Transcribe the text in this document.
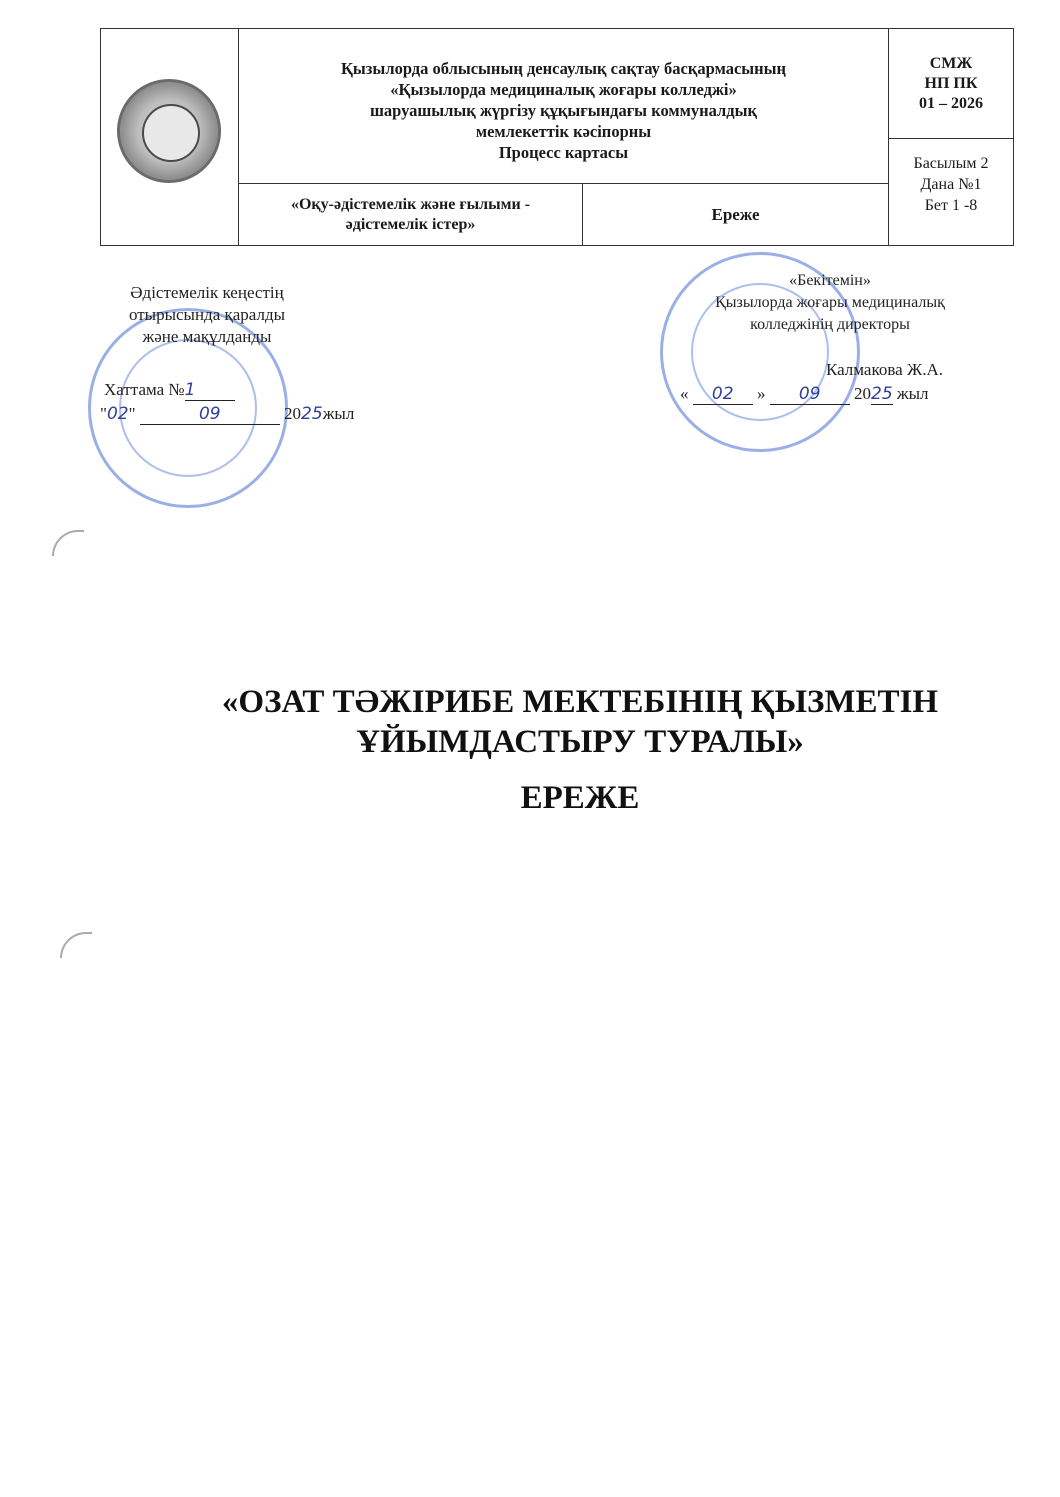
Қызылорда облысының денсаулық сақтау басқармасының
«Қызылорда медициналық жоғары колледжі»
шаруашылық жүргізу құқығындағы коммуналдық
мемлекеттік кәсіпорны
Процесс картасы
СМЖ
НП ПК
01 – 2026
Басылым 2
Дана №1
Бет 1 -8
«Оқу-әдістемелік және ғылыми -
әдістемелік істер»
Ереже
Әдістемелік кеңестің
отырысында қаралды
және мақұлданды
Хаттама №1
"02"	09	2025жыл
«Бекітемін»
Қызылорда жоғары медициналық
колледжінің директоры
Калмакова Ж.А.
« 02 » 09 2025 жыл
«ОЗАТ ТӘЖІРИБЕ МЕКТЕБІНІҢ ҚЫЗМЕТІН
ҰЙЫМДАСТЫРУ ТУРАЛЫ»
ЕРЕЖЕ
